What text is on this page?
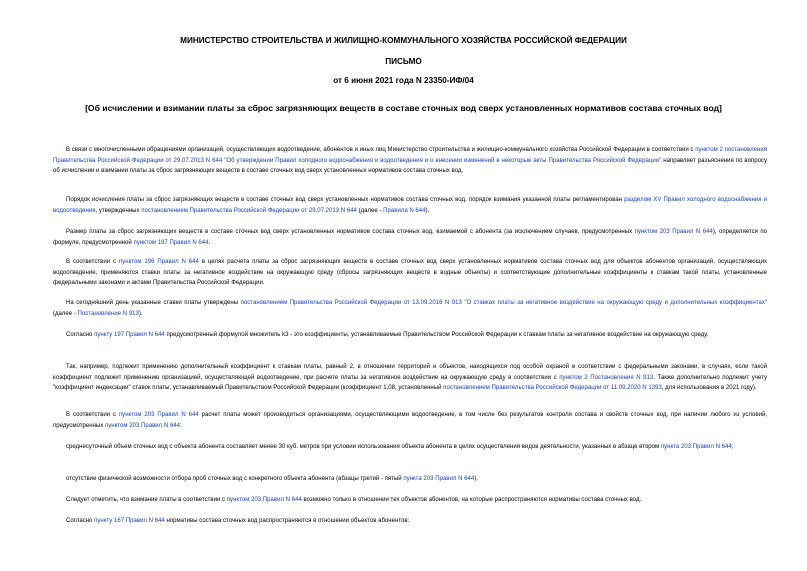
МИНИСТЕРСТВО СТРОИТЕЛЬСТВА И ЖИЛИЩНО-КОММУНАЛЬНОГО ХОЗЯЙСТВА РОССИЙСКОЙ ФЕДЕРАЦИИ

ПИСЬМО

от 6 июня 2021 года N 23350-ИФ/04

[Об исчислении и взимании платы за сброс загрязняющих веществ в составе сточных вод сверх установленных нормативов состава сточных вод]

В связи с многочисленными обращениями организаций, осуществляющих водоотведение, абонентов и иных лиц Министерство строительства и жилищно-коммунального хозяйства Российской Федерации в соответствии с пунктом 2 постановления Правительства Российской Федерации от 29.07.2013 N 644 "Об утверждении Правил холодного водоснабжения и водоотведения и о внесении изменений в некоторые акты Правительства Российской Федерации" направляет разъяснения по вопросу об исчислении и взимании платы за сброс загрязняющих веществ в составе сточных вод сверх установленных нормативов состава сточных вод.

Порядок исчисления платы за сброс загрязняющих веществ в составе сточных вод сверх установленных нормативов состава сточных вод, порядок взимания указанной платы регламентирован разделом XV Правил холодного водоснабжения и водоотведения, утвержденных постановлением Правительства Российской Федерации от 29.07.2013 N 644 (далее - Правила N 644).

Размер платы за сброс загрязняющих веществ в составе сточных вод сверх установленных нормативов состава сточных вод, взимаемой с абонента (за исключением случаев, предусмотренных пунктом 203 Правил N 644), определяется по формуле, предусмотренной пунктом 197 Правил N 644.

В соответствии с пунктом 196 Правил N 644 в целях расчета платы за сброс загрязняющих веществ в составе сточных вод сверх установленных нормативов состава сточных вод для объектов абонентов организаций, осуществляющих водоотведение, применяются ставки платы за негативное воздействие на окружающую среду (сбросы загрязняющих веществ в водные объекты) и соответствующие дополнительные коэффициенты к ставкам такой платы, установленные федеральными законами и актами Правительства Российской Федерации.

На сегодняшний день указанные ставки платы утверждены постановлением Правительства Российской Федерации от 13.09.2016 N 913 "О ставках платы за негативное воздействие на окружающую среду и дополнительных коэффициентах" (далее - Постановление N 913).

Согласно пункту 197 Правил N 644 предусмотренный формулой множитель k3 - это коэффициенты, устанавливаемые Правительством Российской Федерации к ставкам платы за негативное воздействие на окружающую среду.

Так, например, подлежит применению дополнительный коэффициент к ставкам платы, равный 2, в отношении территорий и объектов, находящихся под особой охраной в соответствии с федеральными законами, в случаях, если такой коэффициент подлежит применению организацией, осуществляющей водоотведение, при расчете платы за негативное воздействие на окружающую среду в соответствии с пунктом 2 Постановления N 913. Также дополнительно подлежит учету "коэффициент индексации" ставок платы, устанавливаемый Правительством Российской Федерации (коэффициент 1,08, установленный постановлением Правительства Российской Федерации от 11.09.2020 N 1393, для использования в 2021 году).

В соответствии с пунктом 203 Правил N 644 расчет платы может производиться организациями, осуществляющими водоотведение, в том числе без результатов контроля состава и свойств сточных вод, при наличии любого из условий, предусмотренных пунктом 203 Правил N 644:

среднесуточный объем сточных вод с объекта абонента составляет менее 30 куб. метров при условии использования объекта абонента в целях осуществления видов деятельности, указанных в абзаце втором пункта 203 Правил N 644;

отсутствие физической возможности отбора проб сточных вод с конкретного объекта абонента (абзацы третий - пятый пункта 203 Правил N 644).

Следует отметить, что взимание платы в соответствии с пунктом 203 Правил N 644 возможно только в отношении тех объектов абонентов, на которые распространяются нормативы состава сточных вод.

Согласно пункту 167 Правил N 644 нормативы состава сточных вод распространяются в отношении объектов абонентов:
